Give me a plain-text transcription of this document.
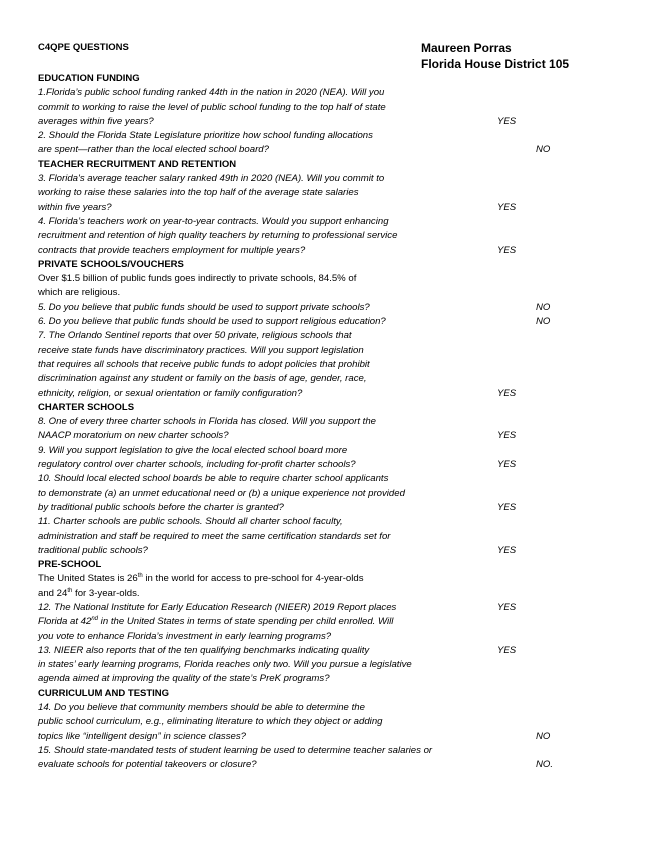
C4QPE QUESTIONS	Maureen Porras
Florida House District 105
EDUCATION FUNDING
1.Florida’s public school funding ranked 44th in the nation in 2020 (NEA). Will you
commit to working to raise the level of public school funding to the top half of state
averages within five years?	YES
2. Should the Florida State Legislature prioritize how school funding allocations
are spent—rather than the local elected school board?	NO
TEACHER RECRUITMENT AND RETENTION
3. Florida's average teacher salary ranked 49th in 2020 (NEA). Will you commit to
working to raise these salaries into the top half of the average state salaries
within five years?	YES
4. Florida’s teachers work on year-to-year contracts. Would you support enhancing
recruitment and retention of high quality teachers by returning to professional service
contracts that provide teachers employment for multiple years?	YES
PRIVATE SCHOOLS/VOUCHERS
Over $1.5 billion of public funds goes indirectly to private schools, 84.5% of
which are religious.
5. Do you believe that public funds should be used to support private schools?	NO
6. Do you believe that public funds should be used to support religious education?	NO
7. The Orlando Sentinel reports that over 50 private, religious schools that
receive state funds have discriminatory practices. Will you support legislation
that requires all schools that receive public funds to adopt policies that prohibit
discrimination against any student or family on the basis of age, gender, race,
ethnicity, religion, or sexual orientation or family configuration?	YES
CHARTER SCHOOLS
8. One of every three charter schools in Florida has closed. Will you support the
NAACP moratorium on new charter schools?	YES
9. Will you support legislation to give the local elected school board more
regulatory control over charter schools, including for-profit charter schools?	YES
10. Should local elected school boards be able to require charter school applicants
to demonstrate (a) an unmet educational need or (b) a unique experience not provided
by traditional public schools before the charter is granted?	YES
11. Charter schools are public schools. Should all charter school faculty,
administration and staff be required to meet the same certification standards set for
traditional public schools?	YES
PRE-SCHOOL
The United States is 26th in the world for access to pre-school for 4-year-olds
and 24th for 3-year-olds.
12. The National Institute for Early Education Research (NIEER) 2019 Report places	YES
Florida at 42nd in the United States in terms of state spending per child enrolled. Will
you vote to enhance Florida’s investment in early learning programs?
13. NIEER also reports that of the ten qualifying benchmarks indicating quality	YES
in states’ early learning programs, Florida reaches only two. Will you pursue a legislative
agenda aimed at improving the quality of the state’s PreK programs?
CURRICULUM AND TESTING
14. Do you believe that community members should be able to determine the
public school curriculum, e.g., eliminating literature to which they object or adding
topics like “intelligent design” in science classes?	NO
15. Should state-mandated tests of student learning be used to determine teacher salaries or
evaluate schools for potential takeovers or closure?	NO.
